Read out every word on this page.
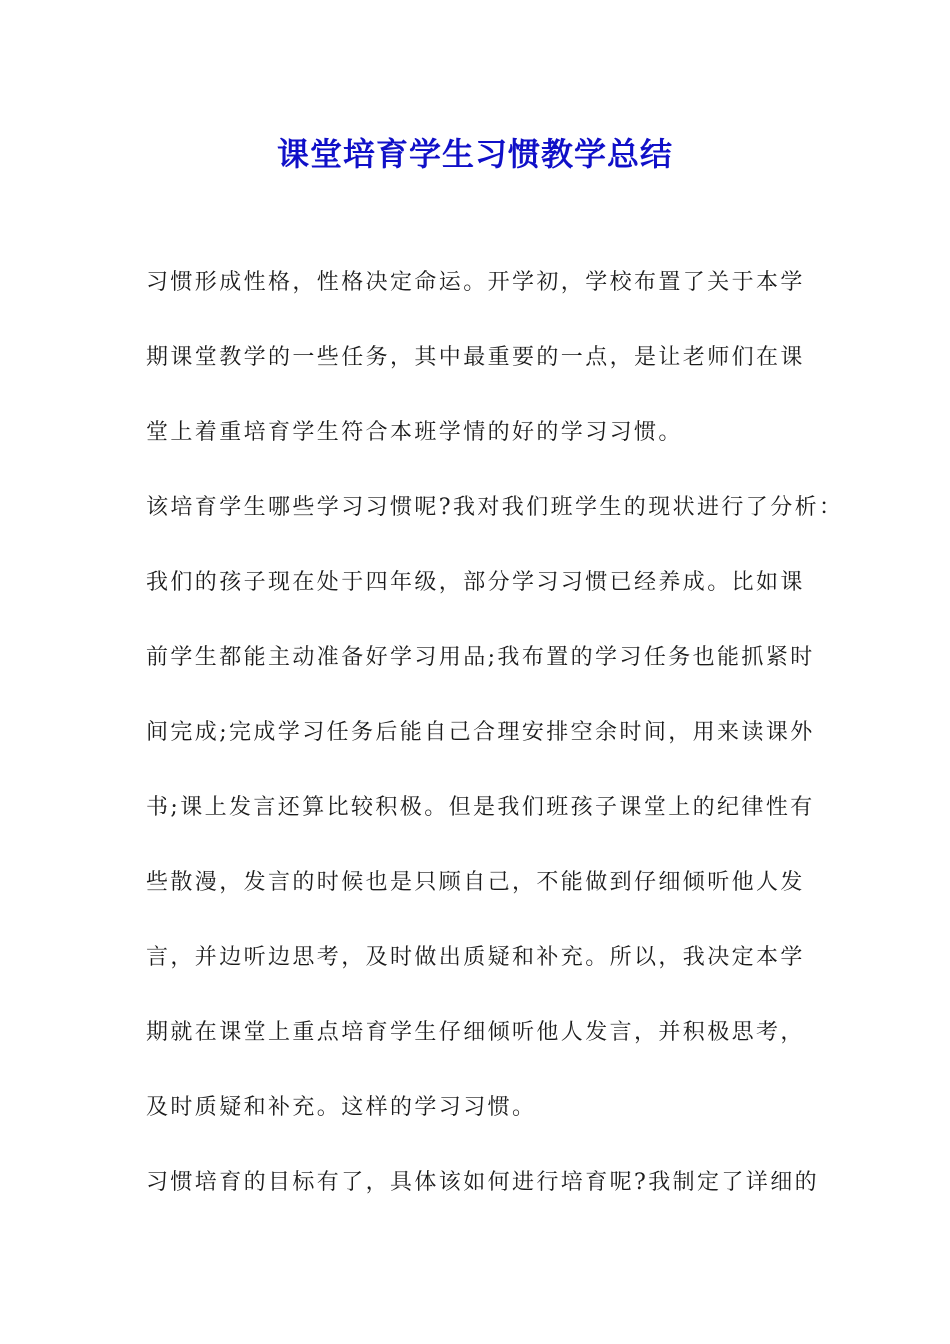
课堂培育学生习惯教学总结

习惯形成性格，性格决定命运。开学初，学校布置了关于本学

期课堂教学的一些任务，其中最重要的一点，是让老师们在课

堂上着重培育学生符合本班学情的好的学习习惯。

该培育学生哪些学习习惯呢?我对我们班学生的现状进行了分析：

我们的孩子现在处于四年级，部分学习习惯已经养成。比如课

前学生都能主动准备好学习用品;我布置的学习任务也能抓紧时

间完成;完成学习任务后能自己合理安排空余时间，用来读课外

书;课上发言还算比较积极。但是我们班孩子课堂上的纪律性有

些散漫，发言的时候也是只顾自己，不能做到仔细倾听他人发

言，并边听边思考，及时做出质疑和补充。所以，我决定本学

期就在课堂上重点培育学生仔细倾听他人发言，并积极思考，

及时质疑和补充。这样的学习习惯。

习惯培育的目标有了，具体该如何进行培育呢?我制定了详细的
